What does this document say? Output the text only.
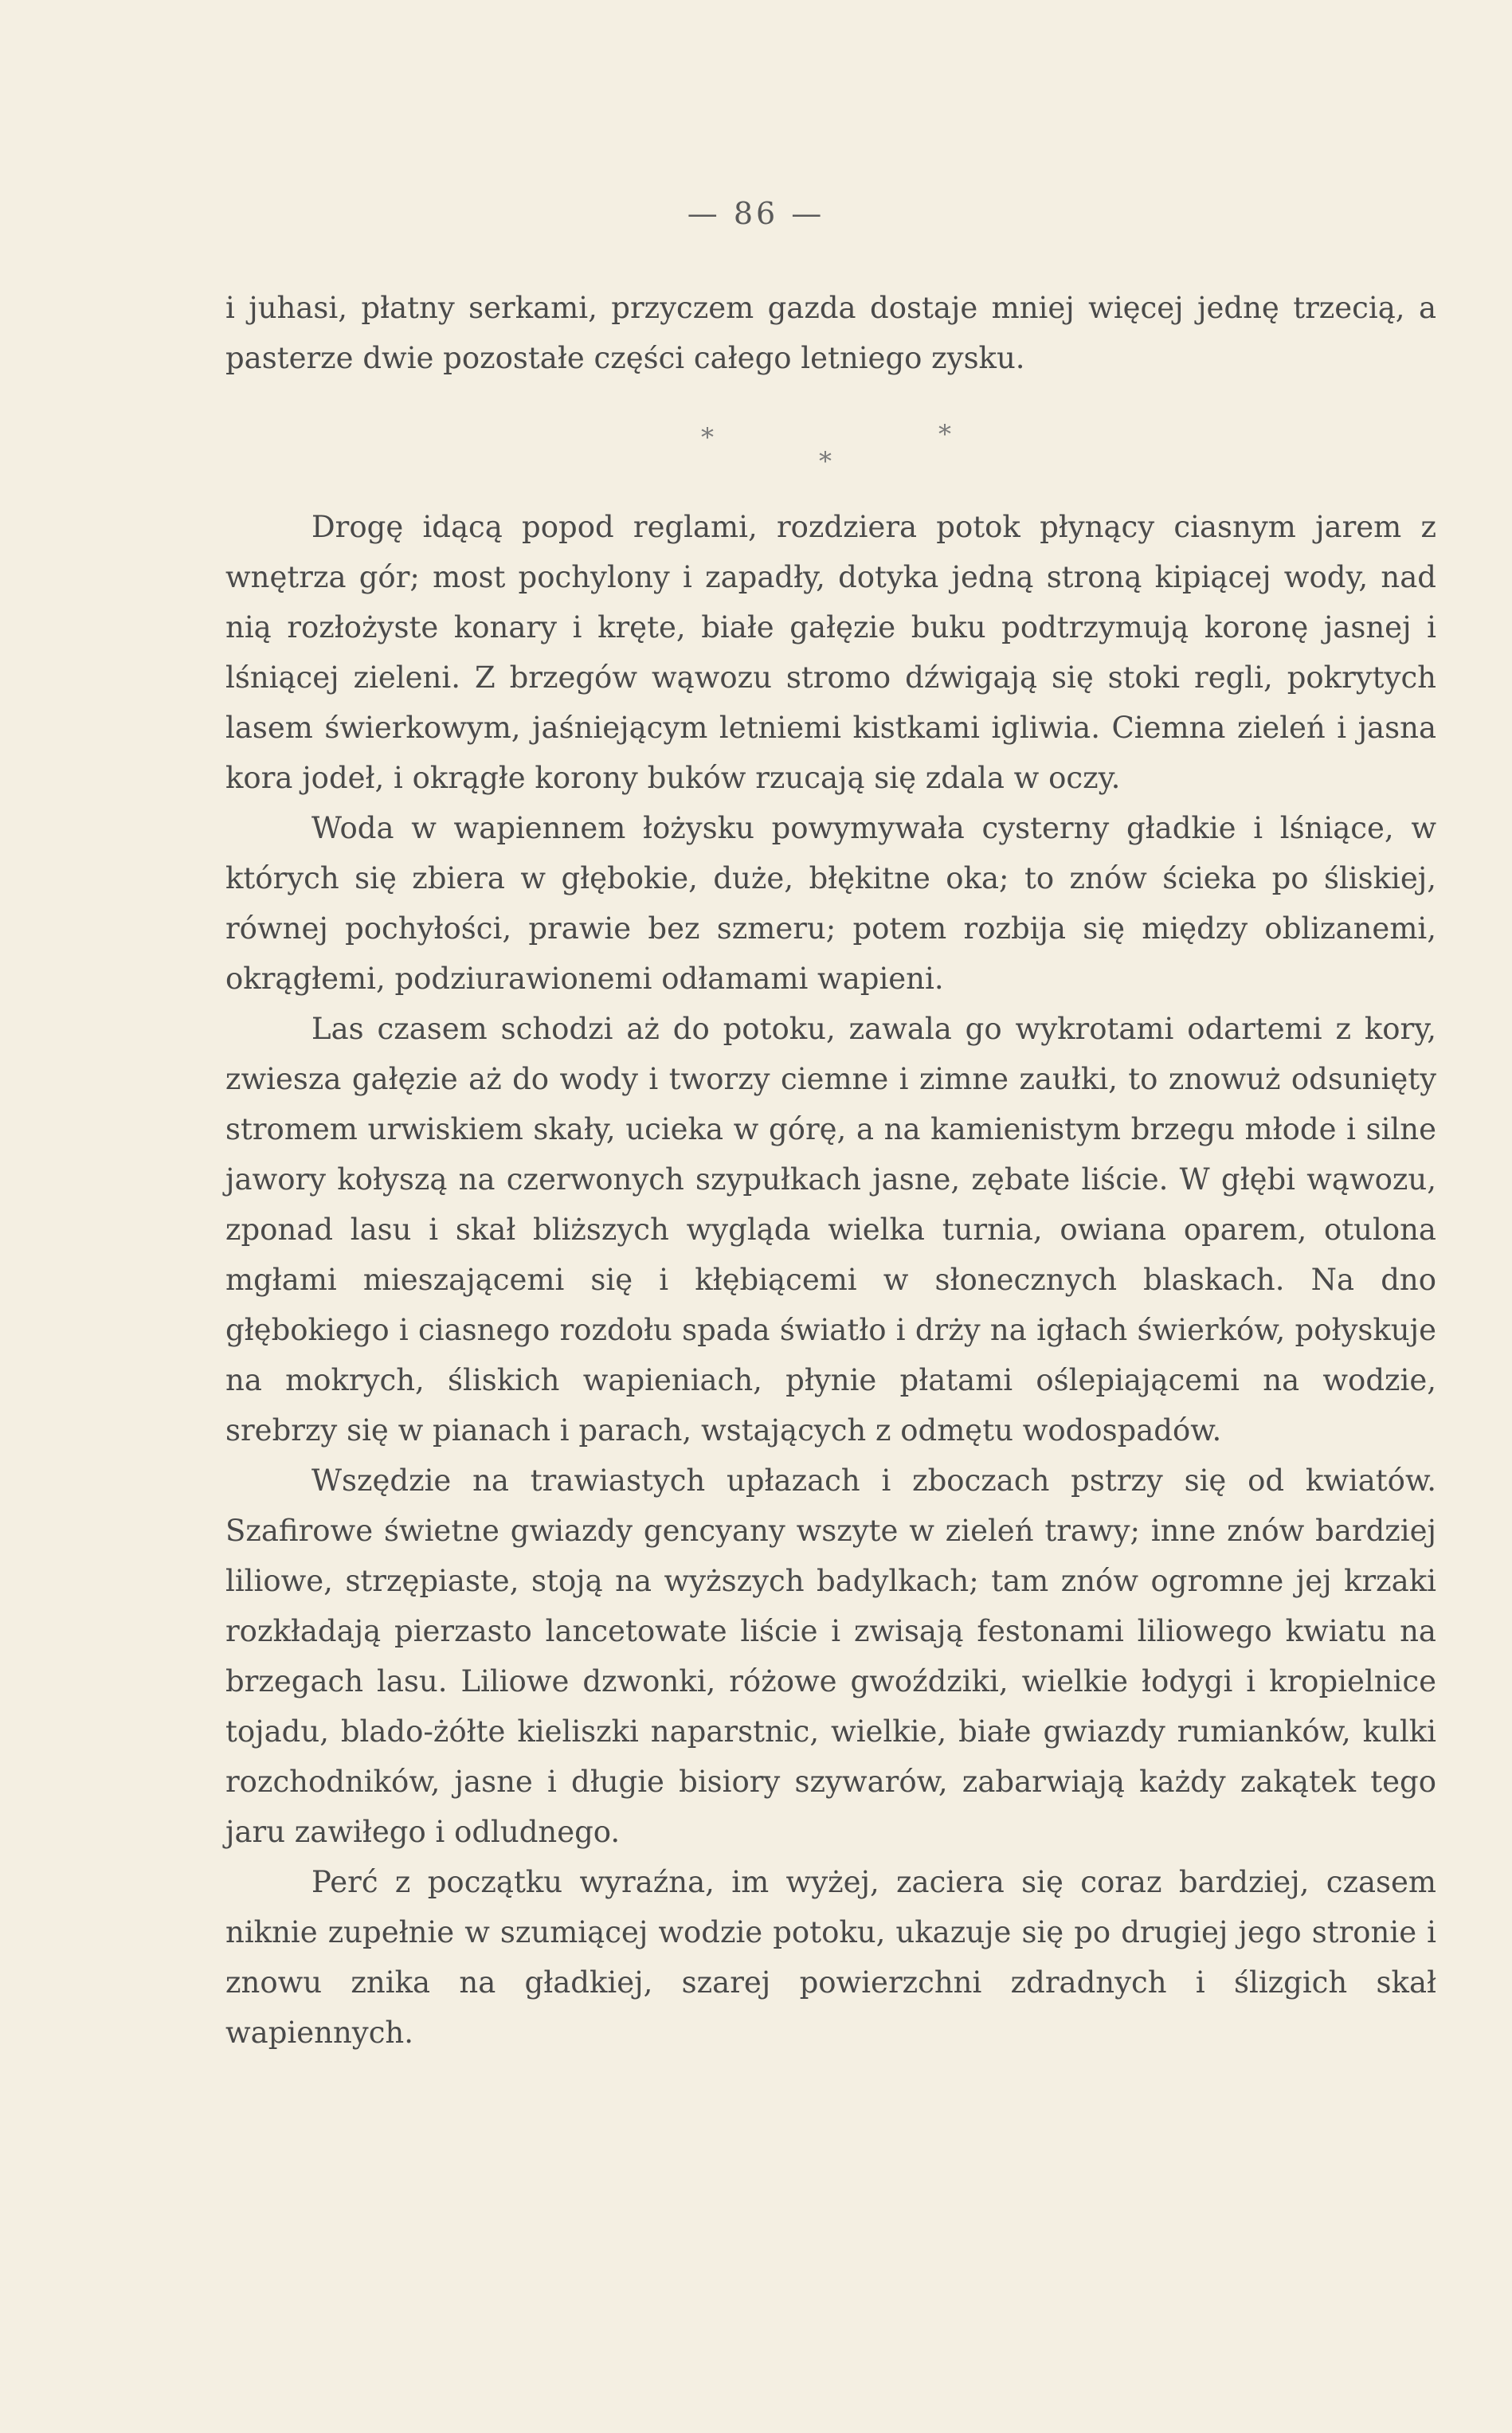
— 86 —

i juhasi, płatny serkami, przyczem gazda dostaje mniej więcej jednę trzecią, a pasterze dwie pozostałe części całego letniego zysku.

*	*
*

Drogę idącą popod reglami, rozdziera potok płynący ciasnym jarem z wnętrza gór; most pochylony i zapadły, dotyka jedną stroną kipiącej wody, nad nią rozłożyste konary i kręte, białe gałęzie buku podtrzymują koronę jasnej i lśniącej zieleni. Z brzegów wąwozu stromo dźwigają się stoki regli, pokrytych lasem świerkowym, jaśniejącym letniemi kistkami igliwia. Ciemna zieleń i jasna kora jodeł, i okrągłe korony buków rzucają się zdala w oczy.

Woda w wapiennem łożysku powymywała cysterny gładkie i lśniące, w których się zbiera w głębokie, duże, błękitne oka; to znów ścieka po śliskiej, równej pochyłości, prawie bez szmeru; potem rozbija się między oblizanemi, okrągłemi, podziurawionemi odłamami wapieni.

Las czasem schodzi aż do potoku, zawala go wykrotami odartemi z kory, zwiesza gałęzie aż do wody i tworzy ciemne i zimne zaułki, to znowuż odsunięty stromem urwiskiem skały, ucieka w górę, a na kamienistym brzegu młode i silne jawory kołyszą na czerwonych szypułkach jasne, zębate liście. W głębi wąwozu, zponad lasu i skał bliższych wygląda wielka turnia, owiana oparem, otulona mgłami mieszającemi się i kłębiącemi w słonecznych blaskach. Na dno głębokiego i ciasnego rozdołu spada światło i drży na igłach świerków, połyskuje na mokrych, śliskich wapieniach, płynie płatami oślepiającemi na wodzie, srebrzy się w pianach i parach, wstających z odmętu wodospadów.

Wszędzie na trawiastych upłazach i zboczach pstrzy się od kwiatów. Szafirowe świetne gwiazdy gencyany wszyte w zieleń trawy; inne znów bardziej liliowe, strzępiaste, stoją na wyższych badylkach; tam znów ogromne jej krzaki rozkładają pierzasto lancetowate liście i zwisają festonami liliowego kwiatu na brzegach lasu. Liliowe dzwonki, różowe gwoździki, wielkie łodygi i kropielnice tojadu, blado-żółte kieliszki naparstnic, wielkie, białe gwiazdy rumianków, kulki rozchodników, jasne i długie bisiory szywarów, zabarwiają każdy zakątek tego jaru zawiłego i odludnego.

Perć z początku wyraźna, im wyżej, zaciera się coraz bardziej, czasem niknie zupełnie w szumiącej wodzie potoku, ukazuje się po drugiej jego stronie i znowu znika na gładkiej, szarej powierzchni zdradnych i ślizgich skał wapiennych.
